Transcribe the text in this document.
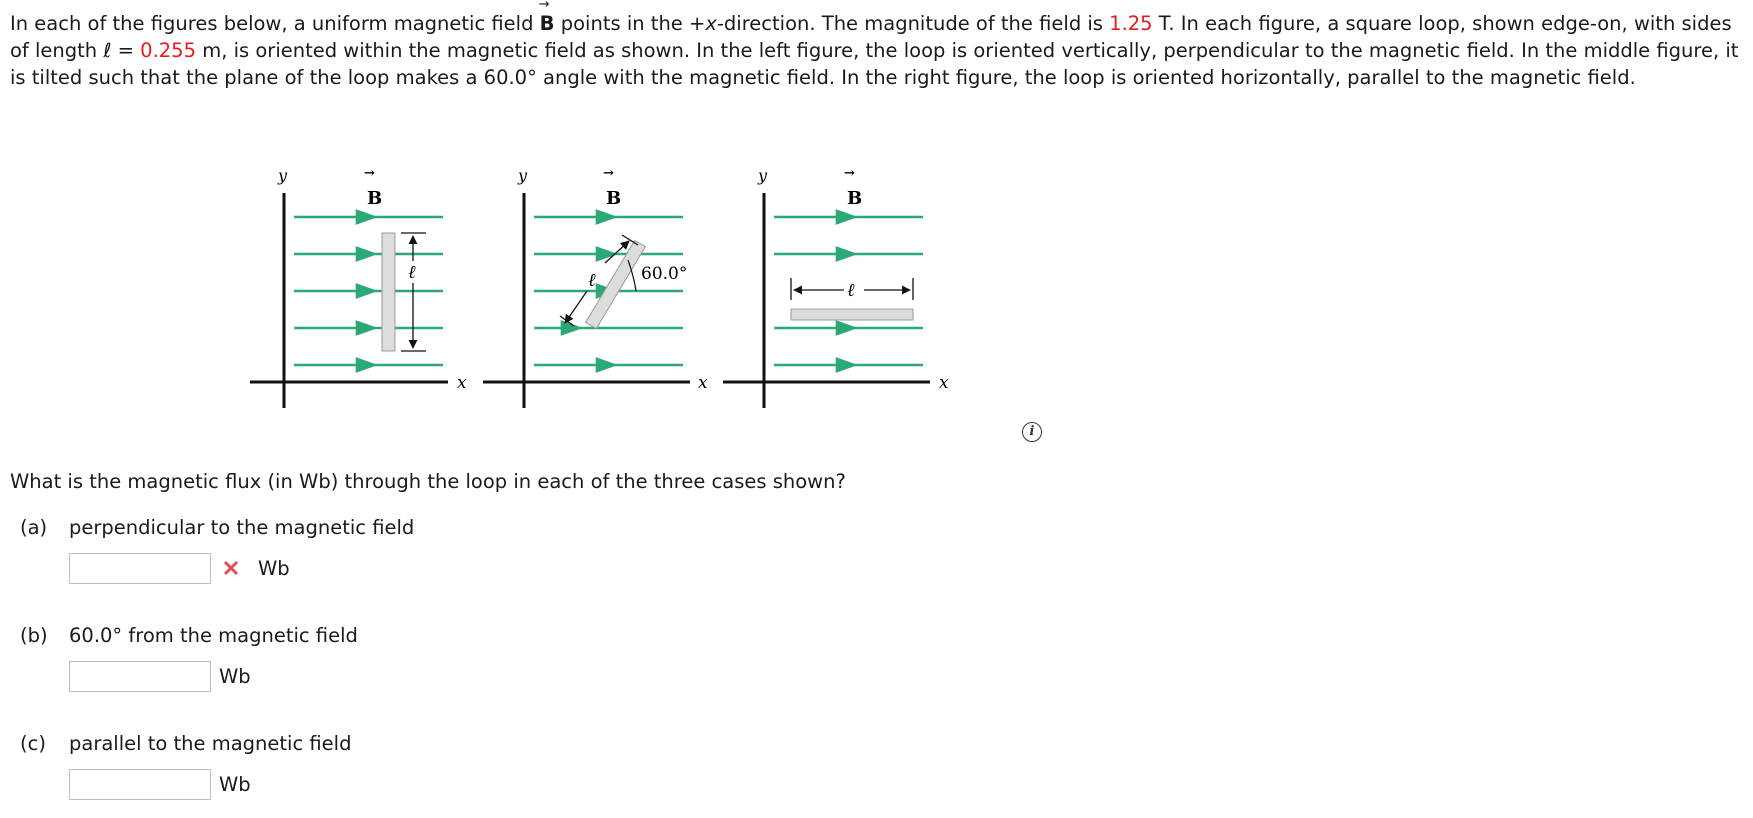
In each of the figures below, a uniform magnetic field
→
B points in the +x-direction. The magnitude of the field is 1.25 T. In each figure, a square loop, shown edge-on, with sides of length ℓ = 0.255 m, is oriented within the magnetic field as shown. In the left figure, the loop is oriented vertically, perpendicular to the magnetic field. In the middle figure, it is tilted such that the plane of the loop makes a 60.0° angle with the magnetic field. In the right figure, the loop is oriented horizontally, parallel to the magnetic field.

y
x
→
B
ℓ
y
x
→
B
ℓ	60.0°
y
x
→
B
ℓ
i

What is the magnetic flux (in Wb) through the loop in each of the three cases shown?

(a) perpendicular to the magnetic field
Wb
(b) 60.0° from the magnetic field
Wb
(c) parallel to the magnetic field
Wb
